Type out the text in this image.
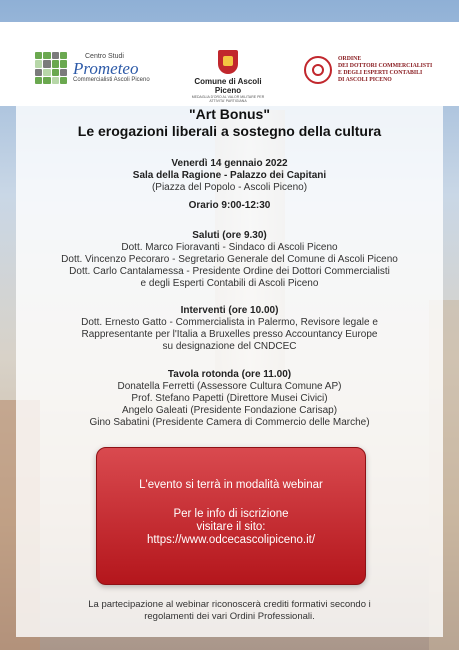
Centro Studi
Prometeo
Commercialisti Ascoli Piceno	Comune di Ascoli Piceno
MEDAGLIA D'ORO AL VALOR MILITARE PER ATTIVITA' PARTIGIANA
ORDINE
DEI DOTTORI COMMERCIALISTI
E DEGLI ESPERTI CONTABILI
DI ASCOLI PICENO
"Art Bonus"
Le erogazioni liberali a sostegno della cultura
Venerdì 14 gennaio 2022
Sala della Ragione - Palazzo dei Capitani
(Piazza del Popolo - Ascoli Piceno)
Orario 9:00-12:30
Saluti (ore 9.30)
Dott. Marco Fioravanti - Sindaco di Ascoli Piceno
Dott. Vincenzo Pecoraro - Segretario Generale del Comune di Ascoli Piceno
Dott. Carlo Cantalamessa - Presidente Ordine dei Dottori Commercialisti
e degli Esperti Contabili di Ascoli Piceno
Interventi (ore 10.00)
Dott. Ernesto Gatto - Commercialista in Palermo, Revisore legale e
Rappresentante per l'Italia a Bruxelles presso Accountancy Europe
su designazione del CNDCEC
Tavola rotonda (ore 11.00)
Donatella Ferretti (Assessore Cultura Comune AP)
Prof. Stefano Papetti (Direttore Musei Civici)
Angelo Galeati (Presidente Fondazione Carisap)
Gino Sabatini (Presidente Camera di Commercio delle Marche)
L'evento si terrà in modalità webinar
Per le info di iscrizione
visitare il sito:
https://www.odcecascolipiceno.it/
La partecipazione al webinar riconoscerà crediti formativi secondo i
regolamenti dei vari Ordini Professionali.
